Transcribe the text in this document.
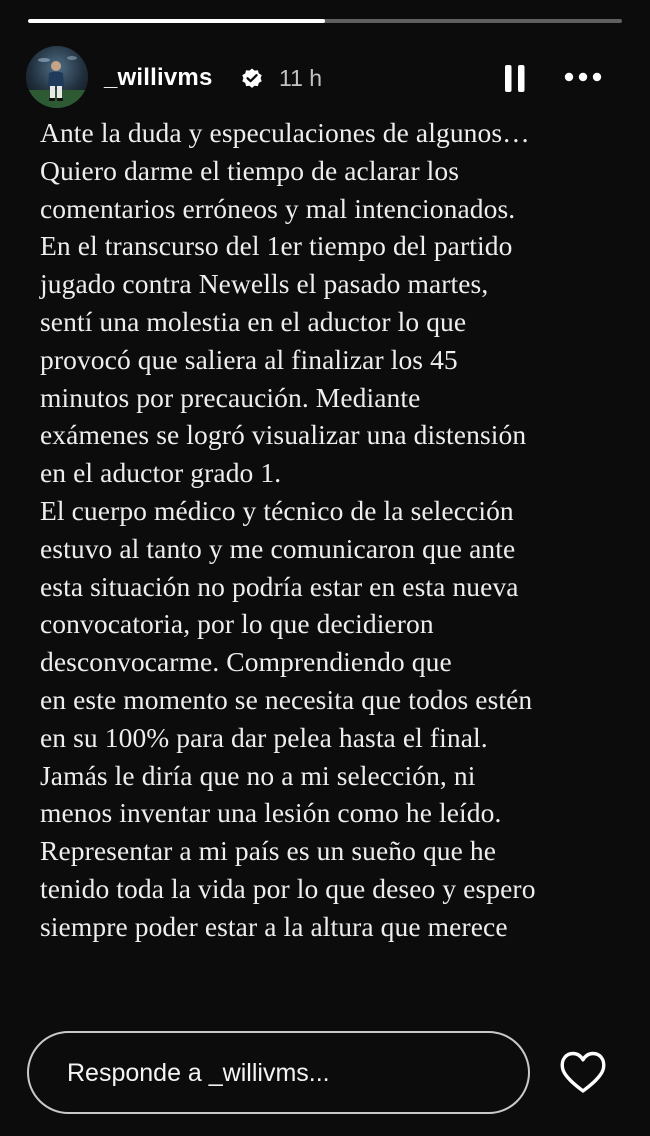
_willivms	11 h

Ante la duda y especulaciones de algunos…
Quiero darme el tiempo de aclarar los
comentarios erróneos y mal intencionados.
En el transcurso del 1er tiempo del partido
jugado contra Newells el pasado martes,
sentí una molestia en el aductor lo que
provocó que saliera al finalizar los 45
minutos por precaución. Mediante
exámenes se logró visualizar una distensión
en el aductor grado 1.
El cuerpo médico y técnico de la selección
estuvo al tanto y me comunicaron que ante
esta situación no podría estar en esta nueva
convocatoria, por lo que decidieron
desconvocarme. Comprendiendo que
en este momento se necesita que todos estén
en su 100% para dar pelea hasta el final.
Jamás le diría que no a mi selección, ni
menos inventar una lesión como he leído.
Representar a mi país es un sueño que he
tenido toda la vida por lo que deseo y espero
siempre poder estar a la altura que merece

Responde a _willivms...
